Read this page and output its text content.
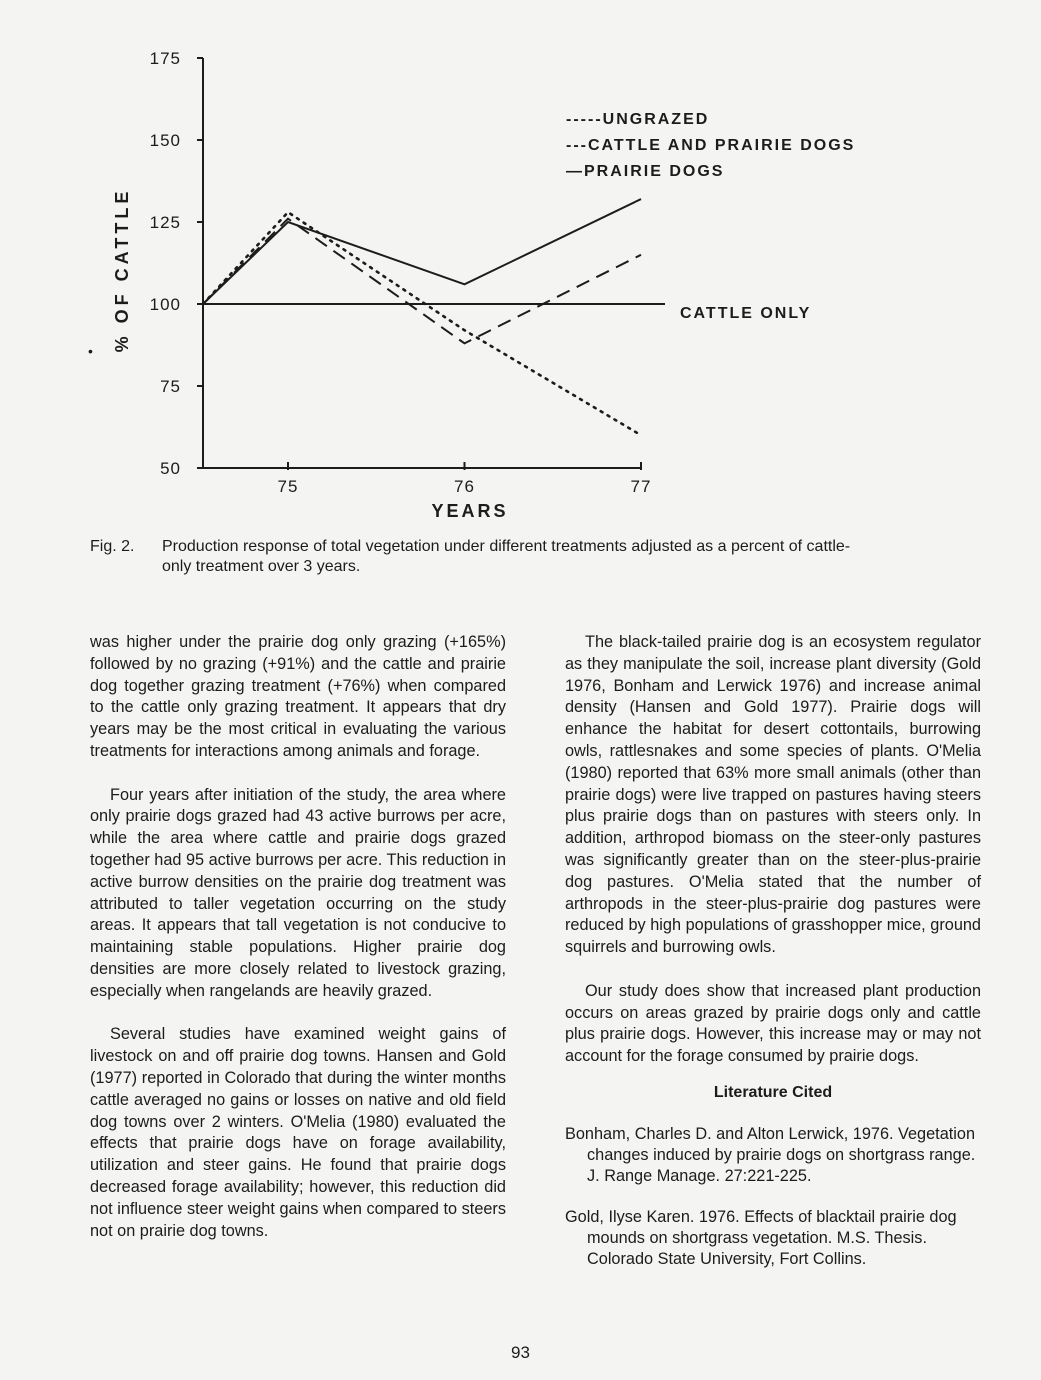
175
150
125
100
75
50
75	76	77
% OF CATTLE
•
YEARS
-----UNGRAZED
---CATTLE AND PRAIRIE DOGS
—PRAIRIE DOGS
CATTLE ONLY
Fig. 2. Production response of total vegetation under different treatments adjusted as a percent of cattle-
only treatment over 3 years.

was higher under the prairie dog only grazing (+165%) followed by no grazing (+91%) and the cattle and prairie dog together grazing treatment (+76%) when compared to the cattle only grazing treatment. It appears that dry years may be the most critical in evaluating the various treatments for interactions among animals and forage.

Four years after initiation of the study, the area where only prairie dogs grazed had 43 active burrows per acre, while the area where cattle and prairie dogs grazed together had 95 active burrows per acre. This reduction in active burrow densities on the prairie dog treatment was attributed to taller vegetation occurring on the study areas. It appears that tall vegetation is not conducive to maintaining stable populations. Higher prairie dog densities are more closely related to livestock grazing, especially when rangelands are heavily grazed.

Several studies have examined weight gains of livestock on and off prairie dog towns. Hansen and Gold (1977) reported in Colorado that during the winter months cattle averaged no gains or losses on native and old field dog towns over 2 winters. O'Melia (1980) evaluated the effects that prairie dogs have on forage availability, utilization and steer gains. He found that prairie dogs decreased forage availability; however, this reduction did not influence steer weight gains when compared to steers not on prairie dog towns.

The black-tailed prairie dog is an ecosystem regulator as they manipulate the soil, increase plant diversity (Gold 1976, Bonham and Lerwick 1976) and increase animal density (Hansen and Gold 1977). Prairie dogs will enhance the habitat for desert cottontails, burrowing owls, rattlesnakes and some species of plants. O'Melia (1980) reported that 63% more small animals (other than prairie dogs) were live trapped on pastures having steers plus prairie dogs than on pastures with steers only. In addition, arthropod biomass on the steer-only pastures was significantly greater than on the steer-plus-prairie dog pastures. O'Melia stated that the number of arthropods in the steer-plus-prairie dog pastures were reduced by high populations of grasshopper mice, ground squirrels and burrowing owls.

Our study does show that increased plant production occurs on areas grazed by prairie dogs only and cattle plus prairie dogs. However, this increase may or may not account for the forage consumed by prairie dogs.

Literature Cited
Bonham, Charles D. and Alton Lerwick, 1976. Vegetation changes induced by prairie dogs on shortgrass range. J. Range Manage. 27:221-225.
Gold, Ilyse Karen. 1976. Effects of blacktail prairie dog mounds on shortgrass vegetation. M.S. Thesis. Colorado State University, Fort Collins.
93
